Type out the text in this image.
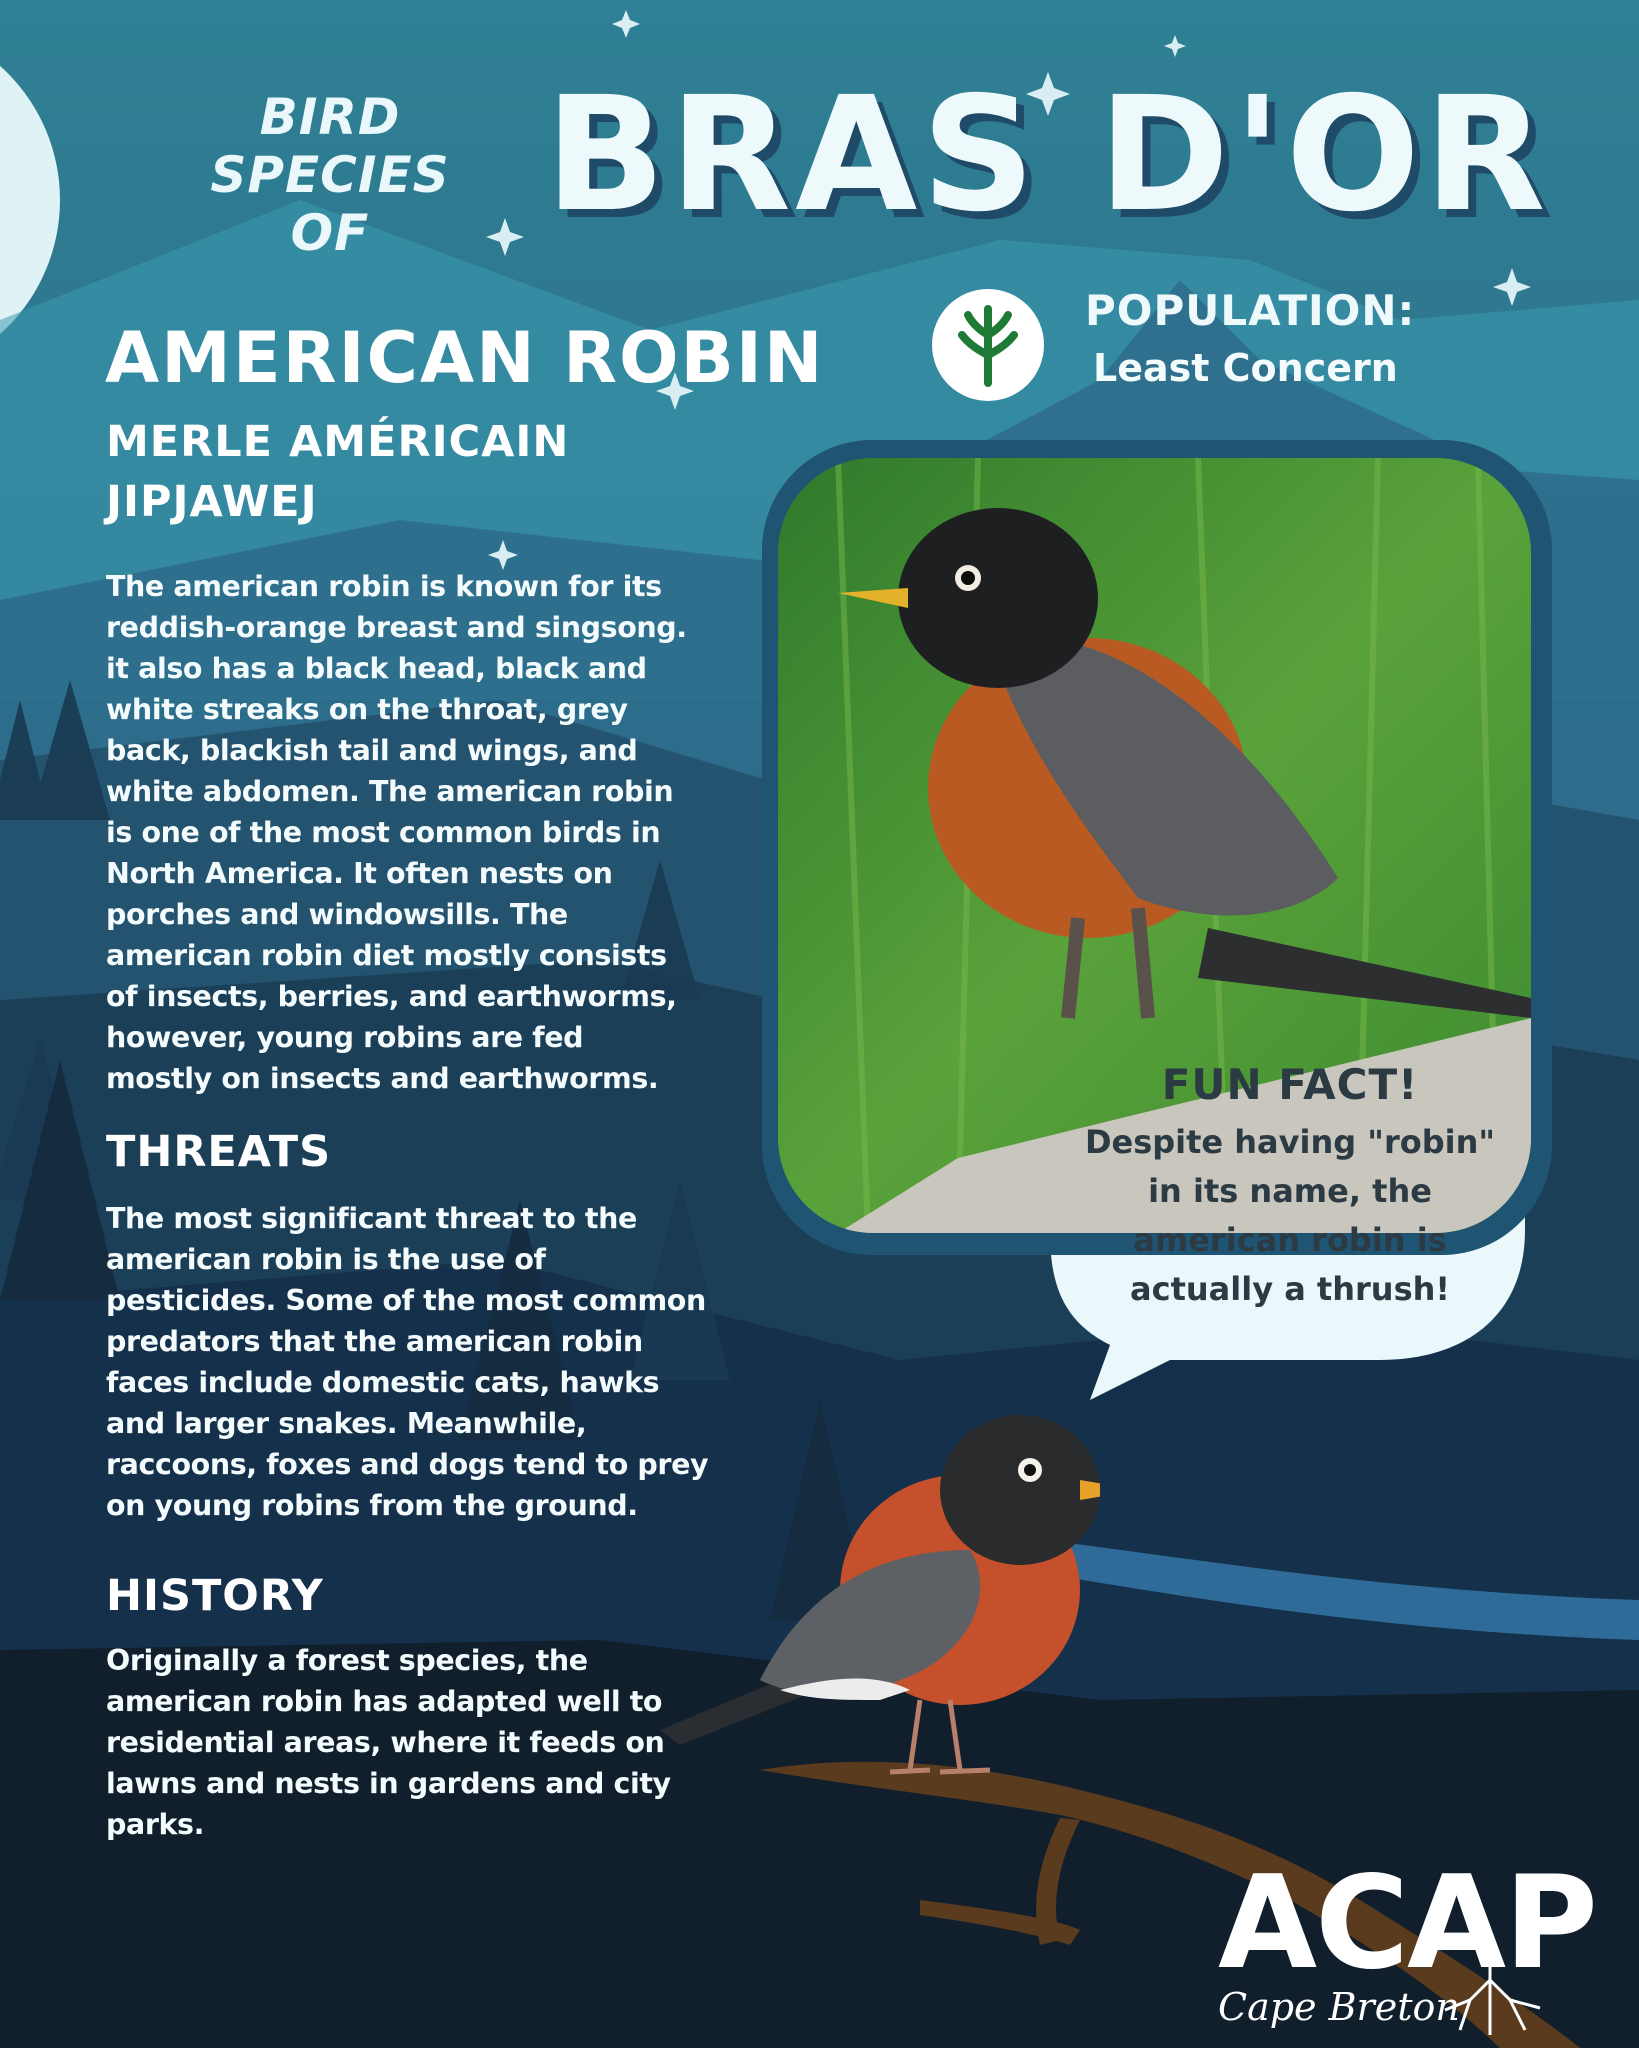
BIRD
SPECIES OF	BRAS D'OR
AMERICAN ROBIN
MERLE AMÉRICAIN
JIPJAWEJ
The american robin is known for its reddish-orange breast and singsong. it also has a black head, black and white streaks on the throat, grey back, blackish tail and wings, and white abdomen. The american robin is one of the most common birds in North America. It often nests on porches and windowsills. The american robin diet mostly consists of insects, berries, and earthworms, however, young robins are fed mostly on insects and earthworms.
THREATS
The most significant threat to the american robin is the use of pesticides. Some of the most common predators that the american robin faces include domestic cats, hawks and larger snakes. Meanwhile, raccoons, foxes and dogs tend to prey on young robins from the ground.
HISTORY
Originally a forest species, the american robin has adapted well to residential areas, where it feeds on lawns and nests in gardens and city parks.
POPULATION:
Least Concern
FUN FACT!
Despite having "robin" in its name, the american robin is actually a thrush!
ACAP
Cape Breton
